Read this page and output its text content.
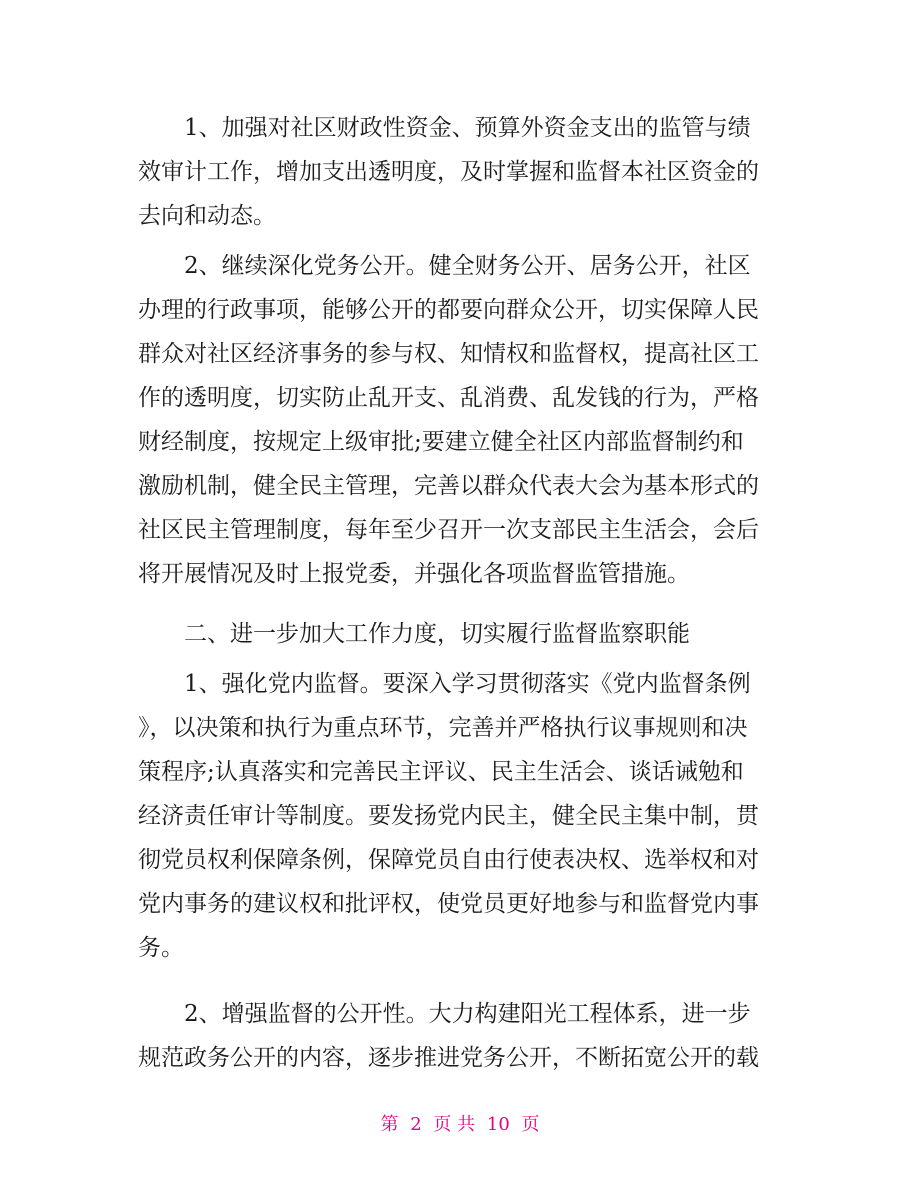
1、加强对社区财政性资金、预算外资金支出的监管与绩
效审计工作，增加支出透明度，及时掌握和监督本社区资金的
去向和动态。
2、继续深化党务公开。健全财务公开、居务公开，社区
办理的行政事项，能够公开的都要向群众公开，切实保障人民
群众对社区经济事务的参与权、知情权和监督权，提高社区工
作的透明度，切实防止乱开支、乱消费、乱发钱的行为，严格
财经制度，按规定上级审批;要建立健全社区内部监督制约和
激励机制，健全民主管理，完善以群众代表大会为基本形式的
社区民主管理制度，每年至少召开一次支部民主生活会，会后
将开展情况及时上报党委，并强化各项监督监管措施。
二、进一步加大工作力度，切实履行监督监察职能
1、强化党内监督。要深入学习贯彻落实《党内监督条例
》，以决策和执行为重点环节，完善并严格执行议事规则和决
策程序;认真落实和完善民主评议、民主生活会、谈话诫勉和
经济责任审计等制度。要发扬党内民主，健全民主集中制，贯
彻党员权利保障条例，保障党员自由行使表决权、选举权和对
党内事务的建议权和批评权，使党员更好地参与和监督党内事
务。
2、增强监督的公开性。大力构建阳光工程体系，进一步
规范政务公开的内容，逐步推进党务公开，不断拓宽公开的载
第 2 页 共 10 页
